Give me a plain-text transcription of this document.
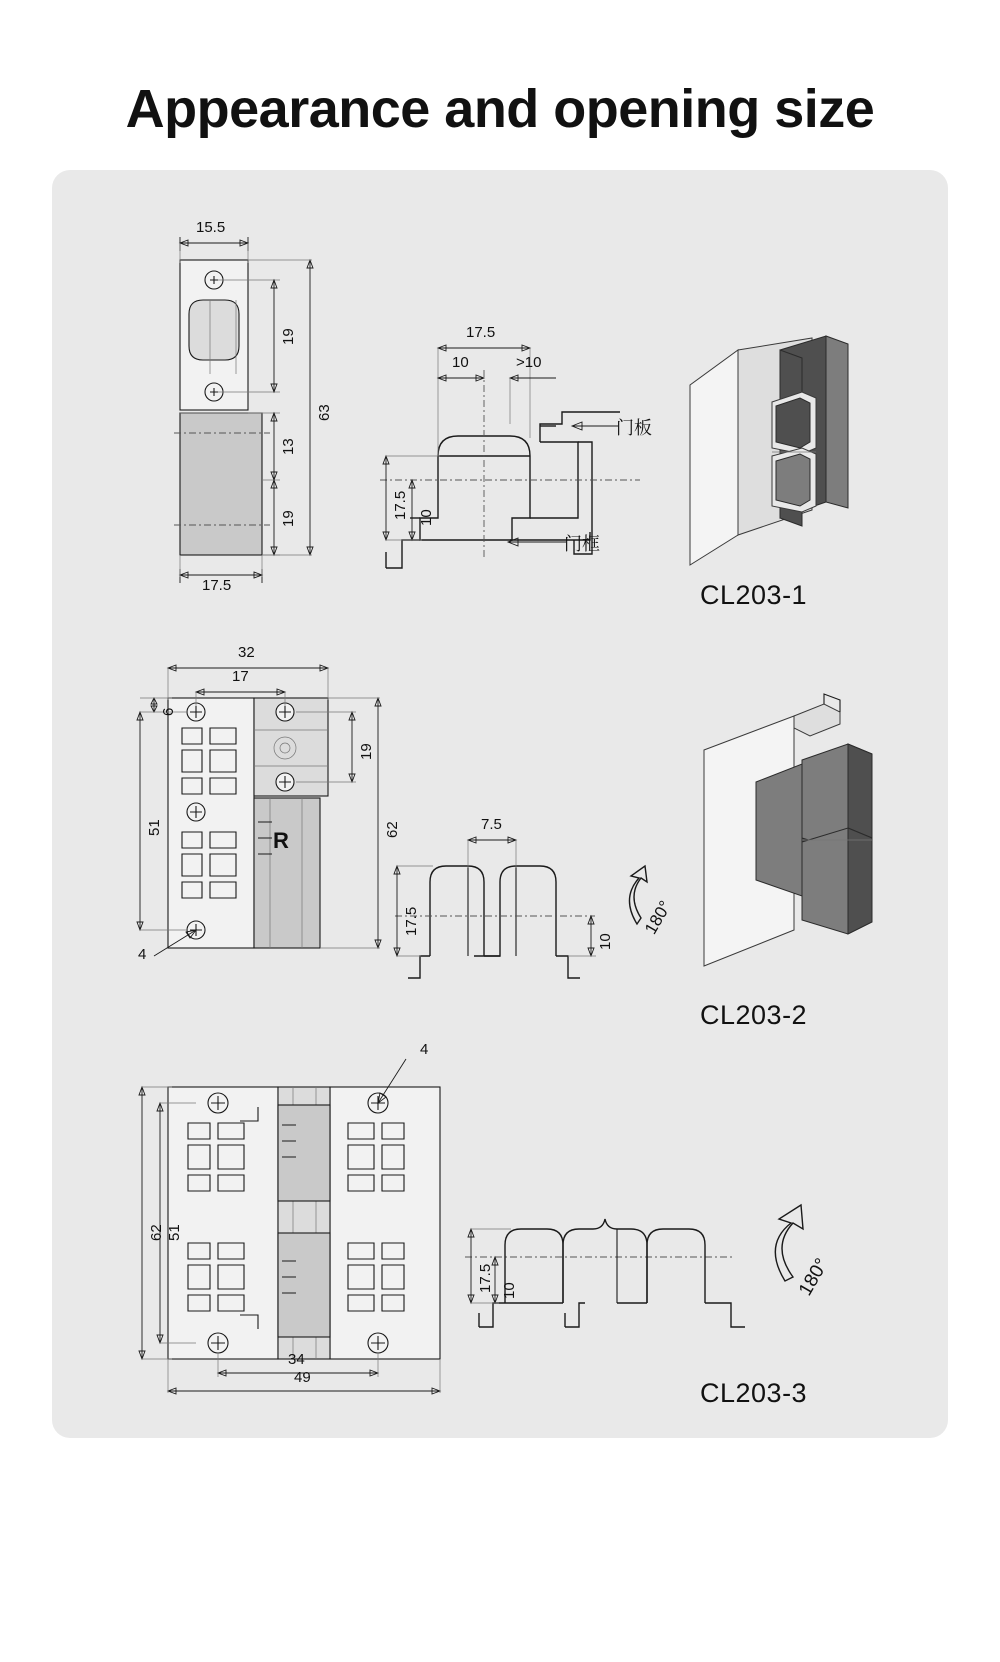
Appearance and opening size
15.5
17.5
19
13
19
63
17.5
10	>10
17.5 10
门板
门框
CL203-1
32
17
6
51
4
19
62
R
7.5
17.5
10
180°
CL203-2
4
51
62
34
49
17.5 10	180°
CL203-3
